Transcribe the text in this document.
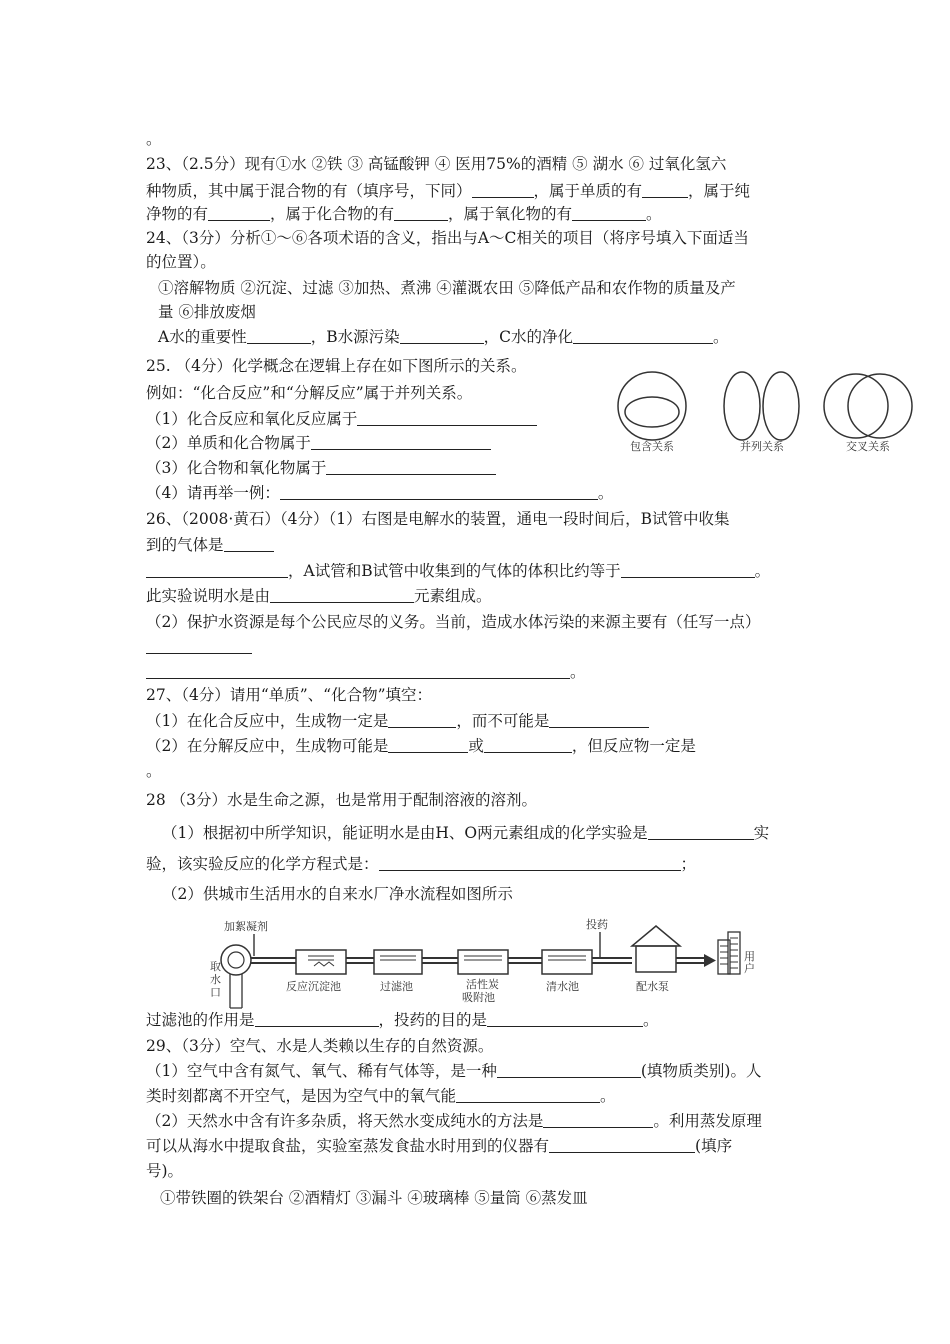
。
23、（2.5分）现有①水 ②铁 ③ 高锰酸钾 ④ 医用75%的酒精 ⑤ 湖水 ⑥ 过氧化氢六
种物质，其中属于混合物的有（填序号，下同）	，属于单质的有	，属于纯
净物的有	，属于化合物的有	，属于氧化物的有	。
24、（3分）分析①～⑥各项术语的含义，指出与A～C相关的项目（将序号填入下面适当
的位置）。
①溶解物质 ②沉淀、过滤 ③加热、煮沸 ④灌溉农田 ⑤降低产品和农作物的质量及产
量 ⑥排放废烟
A水的重要性	，B水源污染	，C水的净化	。
25. （4分）化学概念在逻辑上存在如下图所示的关系。
例如：“化合反应”和“分解反应”属于并列关系。
（1）化合反应和氧化反应属于
（2）单质和化合物属于
（3）化合物和氧化物属于
（4）请再举一例：	。
包含关系	并列关系	交叉关系
26、（2008·黄石）（4分）（1）右图是电解水的装置，通电一段时间后，B试管中收集
到的气体是
，A试管和B试管中收集到的气体的体积比约等于	。
此实验说明水是由	元素组成。
（2）保护水资源是每个公民应尽的义务。当前，造成水体污染的来源主要有（任写一点）
。
27、（4分）请用“单质”、“化合物”填空：
（1）在化合反应中，生成物一定是	，而不可能是
（2）在分解反应中，生成物可能是	或	，但反应物一定是
。
28 （3分）水是生命之源，也是常用于配制溶液的溶剂。
（1）根据初中所学知识，能证明水是由H、O两元素组成的化学实验是	实
验，该实验反应的化学方程式是：	；
（2）供城市生活用水的自来水厂净水流程如图所示
加絮凝剂
取水口	反应沉淀池	过滤池	活性炭
吸附池
清水池
投药
配水泵
用户
过滤池的作用是	，投药的目的是	。
29、（3分）空气、水是人类赖以生存的自然资源。
（1）空气中含有氮气、氧气、稀有气体等，是一种	(填物质类别)。人
类时刻都离不开空气，是因为空气中的氧气能	。
（2）天然水中含有许多杂质，将天然水变成纯水的方法是	。利用蒸发原理
可以从海水中提取食盐，实验室蒸发食盐水时用到的仪器有	(填序
号)。
①带铁圈的铁架台 ②酒精灯 ③漏斗 ④玻璃棒 ⑤量筒 ⑥蒸发皿
